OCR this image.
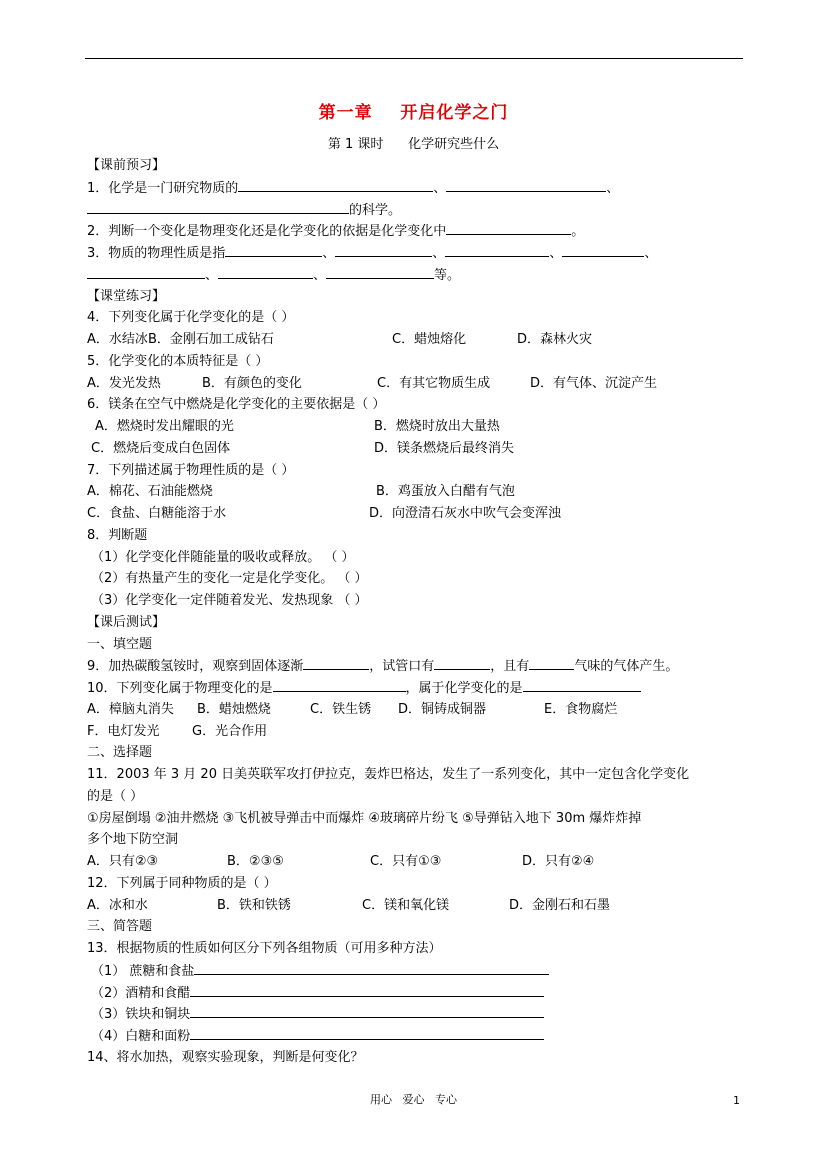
第一章    开启化学之门
第 1 课时      化学研究些什么
【课前预习】
1．化学是一门研究物质的	、	、
的科学。
2．判断一个变化是物理变化还是化学变化的依据是化学变化中	。
3．物质的物理性质是指	、	、	、	、
、	、	等。
【课堂练习】
4．下列变化属于化学变化的是（ ）
A．水结冰 B．金刚石加工成钻石	C．蜡烛熔化	D．森林火灾
5．化学变化的本质特征是（ ）
A．发光发热	B．有颜色的变化	C．有其它物质生成	D．有气体、沉淀产生
6．镁条在空气中燃烧是化学变化的主要依据是（ ）
A．燃烧时发出耀眼的光	B．燃烧时放出大量热
C．燃烧后变成白色固体	D．镁条燃烧后最终消失
7．下列描述属于物理性质的是（ ）
A．棉花、石油能燃烧	B．鸡蛋放入白醋有气泡
C．食盐、白糖能溶于水	D．向澄清石灰水中吹气会变浑浊
8．判断题
（1）化学变化伴随能量的吸收或释放。 （ ）
（2）有热量产生的变化一定是化学变化。 （ ）
（3）化学变化一定伴随着发光、发热现象 （ ）
【课后测试】
一、填空题
9．加热碳酸氢铵时，观察到固体逐渐	，试管口有	，且有	气味的气体产生。
10．下列变化属于物理变化的是	，属于化学变化的是
A．樟脑丸消失 B．蜡烛燃烧	C．铁生锈 D．铜铸成铜器	E．食物腐烂
F．电灯发光	G．光合作用
二、选择题
11．2003 年 3 月 20 日美英联军攻打伊拉克，轰炸巴格达，发生了一系列变化，其中一定包含化学变化
的是（ ）
①房屋倒塌 ②油井燃烧 ③飞机被导弹击中而爆炸 ④玻璃碎片纷飞 ⑤导弹钻入地下 30m 爆炸炸掉
多个地下防空洞
A．只有②③	B．②③⑤	C．只有①③	D．只有②④
12．下列属于同种物质的是（ ）
A．冰和水	B．铁和铁锈	C．镁和氧化镁	D．金刚石和石墨
三、简答题
13．根据物质的性质如何区分下列各组物质（可用多种方法）
（1） 蔗糖和食盐
（2）酒精和食醋
（3）铁块和铜块
（4）白糖和面粉
14、将水加热，观察实验现象，判断是何变化？
用心   爱心   专心	1
